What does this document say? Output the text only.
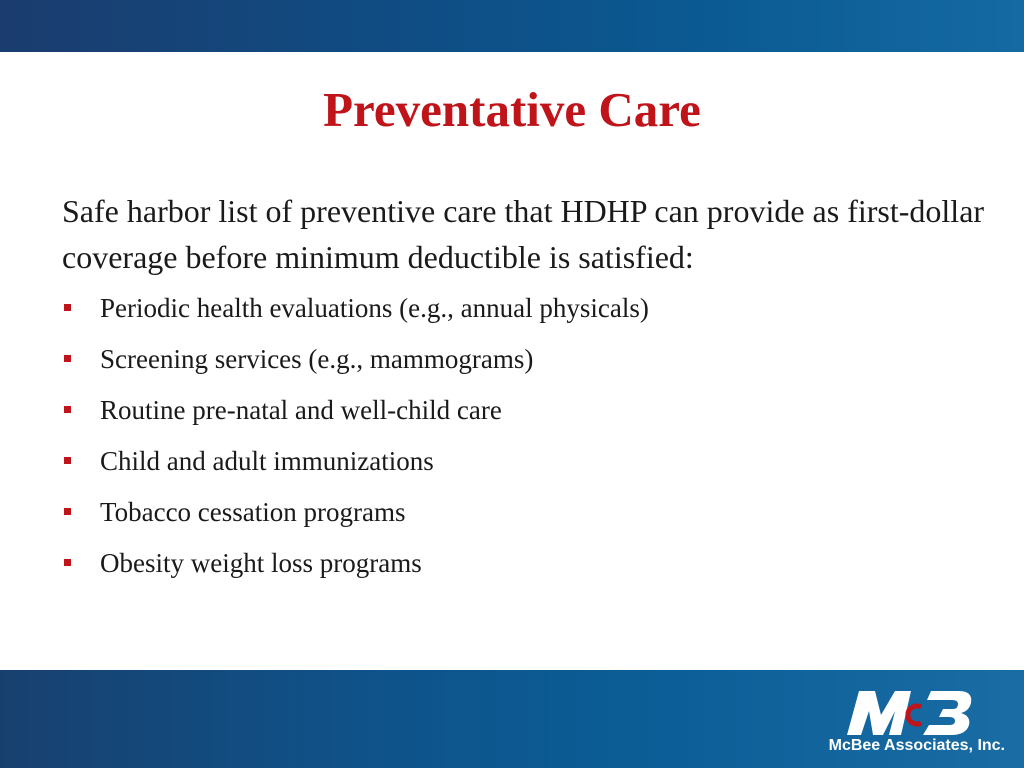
Preventative Care
Safe harbor list of preventive care that HDHP can provide as first-dollar coverage before minimum deductible is satisfied:
Periodic health evaluations (e.g., annual physicals)
Screening services (e.g., mammograms)
Routine pre-natal and well-child care
Child and adult immunizations
Tobacco cessation programs
Obesity weight loss programs
McBee Associates, Inc.
